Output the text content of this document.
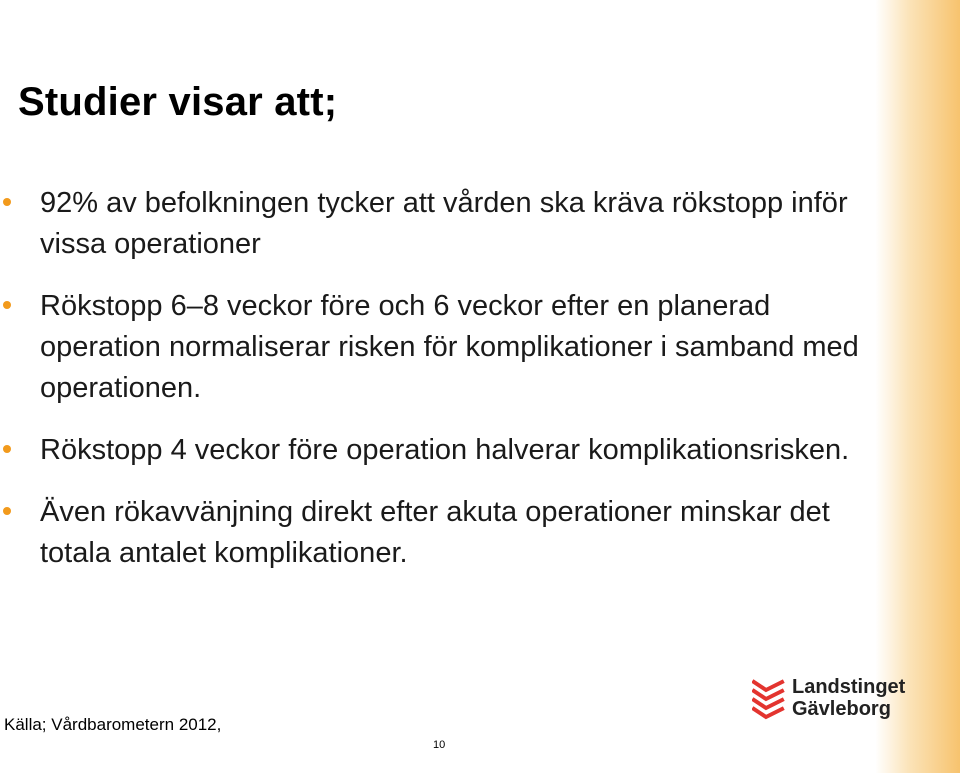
Studier visar att;
92% av befolkningen tycker att vården ska kräva rökstopp inför vissa operationer
Rökstopp 6–8 veckor före och 6 veckor efter en planerad operation normaliserar risken för komplikationer i samband med operationen.
Rökstopp 4 veckor före operation halverar komplikationsrisken.
Även rökavvänjning direkt efter akuta operationer minskar det totala antalet komplikationer.
Källa; Vårdbarometern 2012,
10
Landstinget
Gävleborg
